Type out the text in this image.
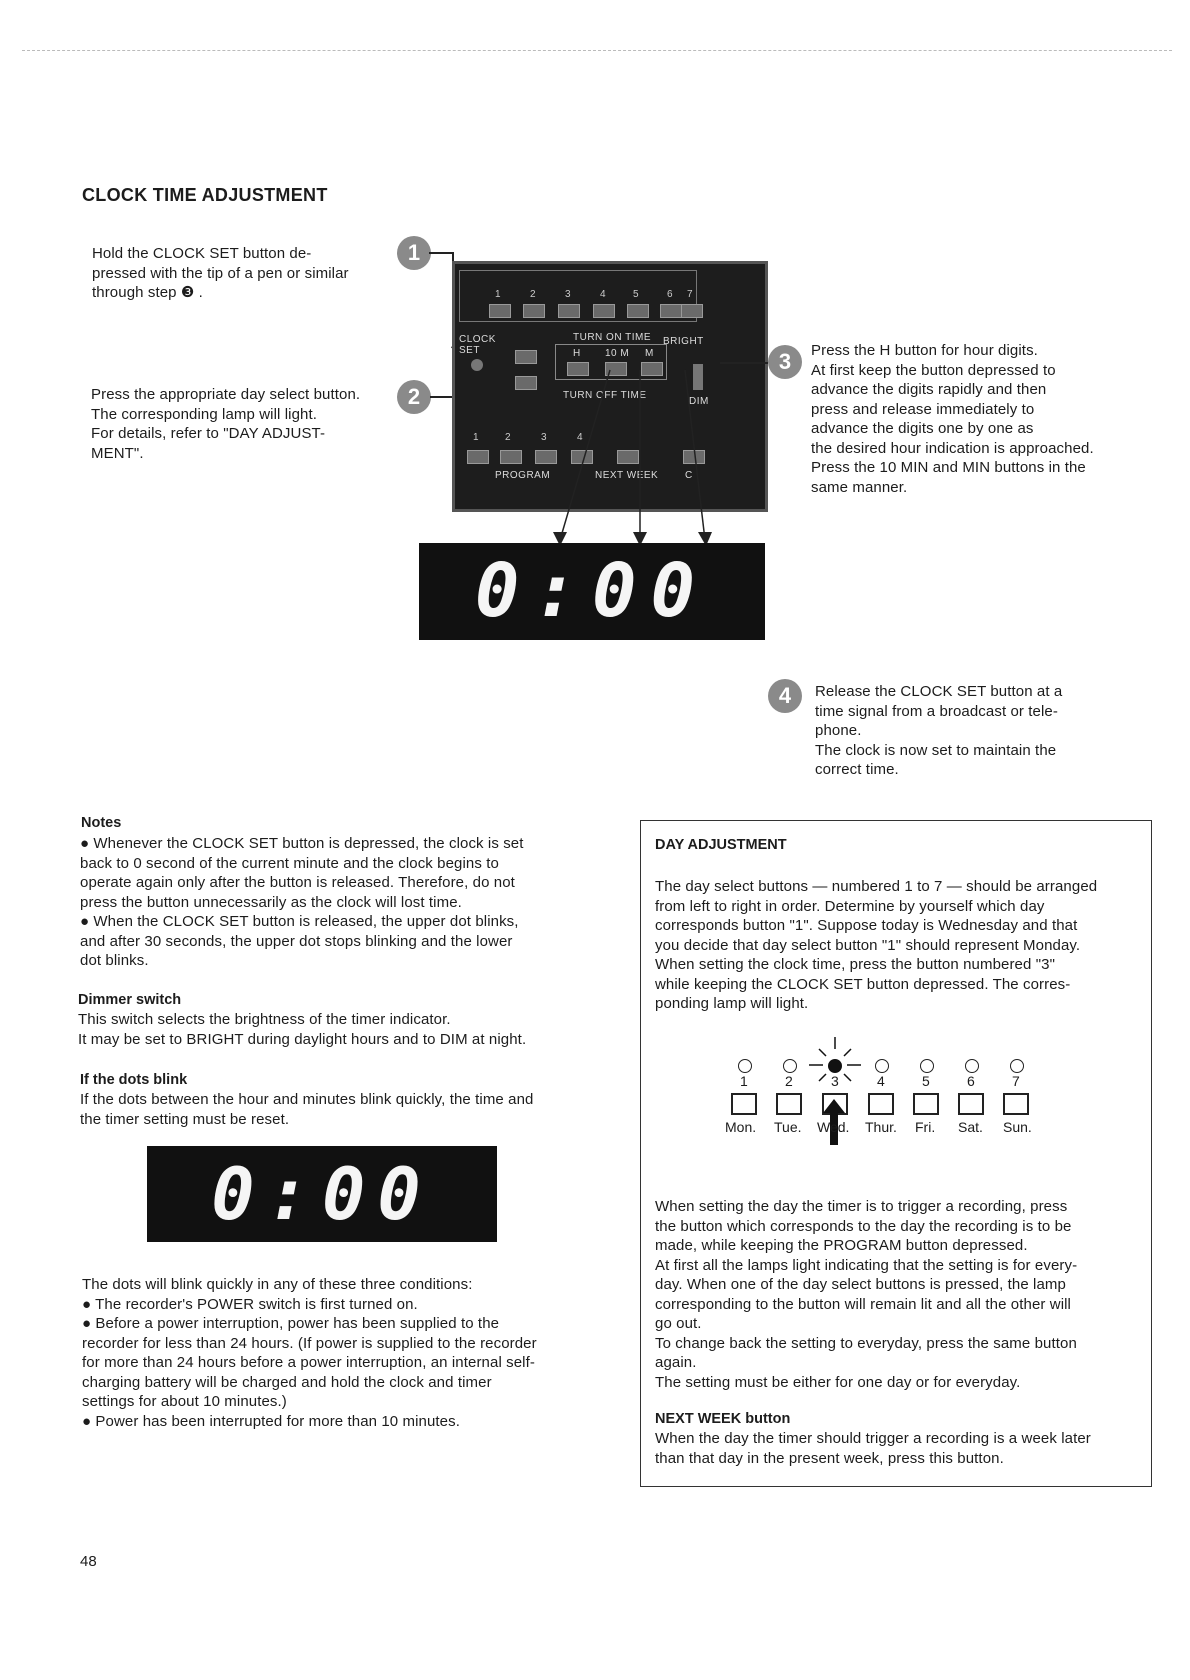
CLOCK TIME ADJUSTMENT
Hold the CLOCK SET button de-
pressed with the tip of a pen or similar
through step ❸ .
1
Press the appropriate day select button.
The corresponding lamp will light.
For details, refer to "DAY ADJUST-
MENT".
2
1	2	3	4	5	6 7
CLOCK SET
TURN ON TIME
H 10 M M
BRIGHT
TURN OFF TIME
DIM
1	2	3	4
PROGRAM	NEXT WEEK	C
3	Press the H button for hour digits.
At first keep the button depressed to
advance the digits rapidly and then
press and release immediately to
advance the digits one by one as
the desired hour indication is approached.
Press the 10 MIN and MIN buttons in the
same manner.
0:00
4	Release the CLOCK SET button at a
time signal from a broadcast or tele-
phone.
The clock is now set to maintain the
correct time.
Notes
● Whenever the CLOCK SET button is depressed, the clock is set
back to 0 second of the current minute and the clock begins to
operate again only after the button is released. Therefore, do not
press the button unnecessarily as the clock will lost time.
● When the CLOCK SET button is released, the upper dot blinks,
and after 30 seconds, the upper dot stops blinking and the lower
dot blinks.
Dimmer switch
This switch selects the brightness of the timer indicator.
It may be set to BRIGHT during daylight hours and to DIM at night.
If the dots blink
If the dots between the hour and minutes blink quickly, the time and
the timer setting must be reset.
0:00
The dots will blink quickly in any of these three conditions:
● The recorder's POWER switch is first turned on.
● Before a power interruption, power has been supplied to the
recorder for less than 24 hours. (If power is supplied to the recorder
for more than 24 hours before a power interruption, an internal self-
charging battery will be charged and hold the clock and timer
settings for about 10 minutes.)
● Power has been interrupted for more than 10 minutes.
DAY ADJUSTMENT
The day select buttons — numbered 1 to 7 — should be arranged
from left to right in order. Determine by yourself which day
corresponds button "1". Suppose today is Wednesday and that
you decide that day select button "1" should represent Monday.
When setting the clock time, press the button numbered "3"
while keeping the CLOCK SET button depressed. The corres-
ponding lamp will light.
1	2	3	4	5	6	7
Mon. Tue. Wed. Thur. Fri. Sat. Sun.
When setting the day the timer is to trigger a recording, press
the button which corresponds to the day the recording is to be
made, while keeping the PROGRAM button depressed.
At first all the lamps light indicating that the setting is for every-
day. When one of the day select buttons is pressed, the lamp
corresponding to the button will remain lit and all the other will
go out.
To change back the setting to everyday, press the same button
again.
The setting must be either for one day or for everyday.
NEXT WEEK button
When the day the timer should trigger a recording is a week later
than that day in the present week, press this button.
48
